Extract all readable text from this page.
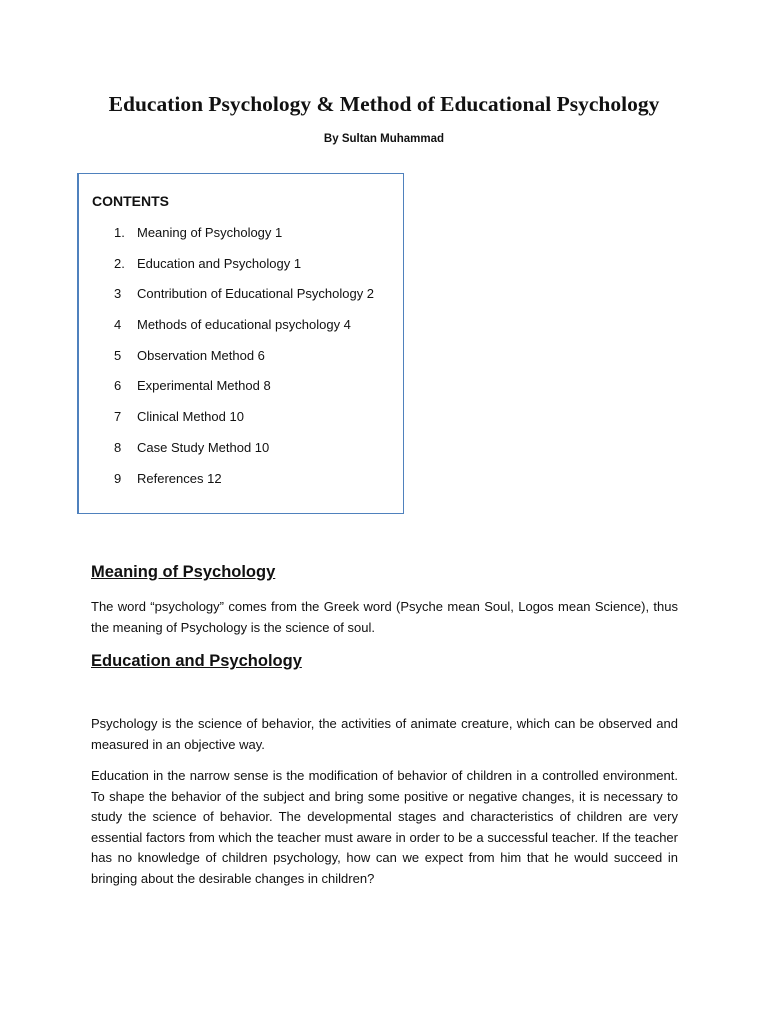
Education Psychology & Method of Educational Psychology
By Sultan Muhammad
CONTENTS
1. Meaning of Psychology 1
2. Education and Psychology 1
3 Contribution of Educational Psychology 2
4 Methods of educational psychology 4
5 Observation Method 6
6 Experimental Method 8
7 Clinical Method 10
8 Case Study Method 10
9 References 12
Meaning of Psychology

The word “psychology” comes from the Greek word (Psyche mean Soul, Logos mean Science), thus the meaning of Psychology is the science of soul.

Education and Psychology

Psychology is the science of behavior, the activities of animate creature, which can be observed and measured in an objective way.

Education in the narrow sense is the modification of behavior of children in a controlled environment. To shape the behavior of the subject and bring some positive or negative changes, it is necessary to study the science of behavior. The developmental stages and characteristics of children are very essential factors from which the teacher must aware in order to be a successful teacher. If the teacher has no knowledge of children psychology, how can we expect from him that he would succeed in bringing about the desirable changes in children?
